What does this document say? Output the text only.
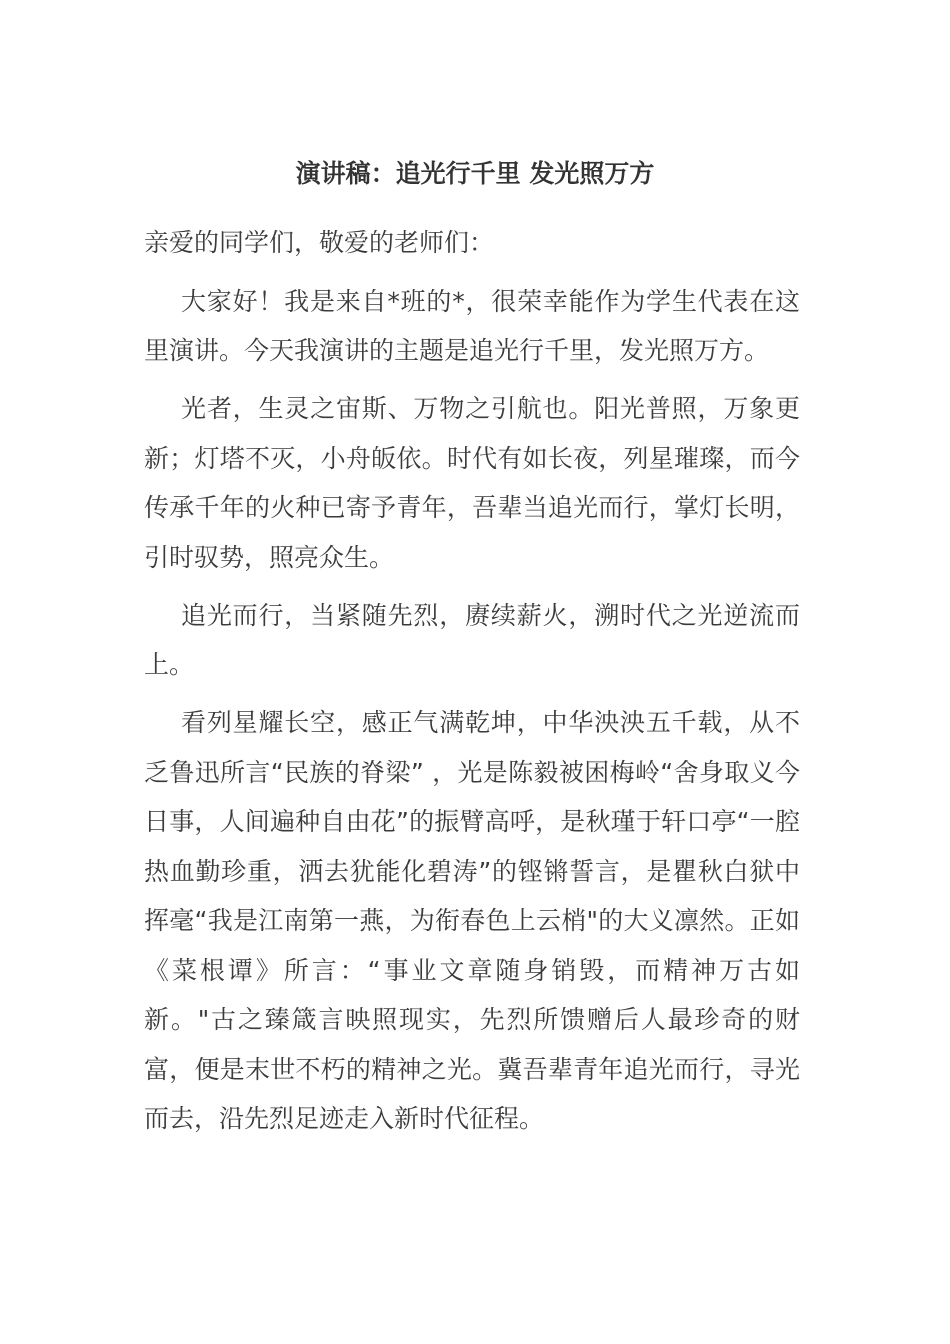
演讲稿：追光行千里 发光照万方

亲爱的同学们，敬爱的老师们：

大家好！我是来自*班的*，很荣幸能作为学生代表在这里演讲。今天我演讲的主题是追光行千里，发光照万方。

光者，生灵之宙斯、万物之引航也。阳光普照，万象更新；灯塔不灭，小舟皈依。时代有如长夜，列星璀璨，而今传承千年的火种已寄予青年，吾辈当追光而行，掌灯长明，引时驭势，照亮众生。

追光而行，当紧随先烈，赓续薪火，溯时代之光逆流而上。

看列星耀长空，感正气满乾坤，中华泱泱五千载，从不乏鲁迅所言“民族的脊梁” ，光是陈毅被困梅岭“舍身取义今日事，人间遍种自由花”的振臂高呼，是秋瑾于轩口亭“一腔热血勤珍重，洒去犹能化碧涛”的铿锵誓言，是瞿秋白狱中挥毫“我是江南第一燕，为衔春色上云梢"的大义凛然。正如《菜根谭》所言：“事业文章随身销毁，而精神万古如新。"古之臻箴言映照现实，先烈所馈赠后人最珍奇的财富，便是末世不朽的精神之光。冀吾辈青年追光而行，寻光而去，沿先烈足迹走入新时代征程。
